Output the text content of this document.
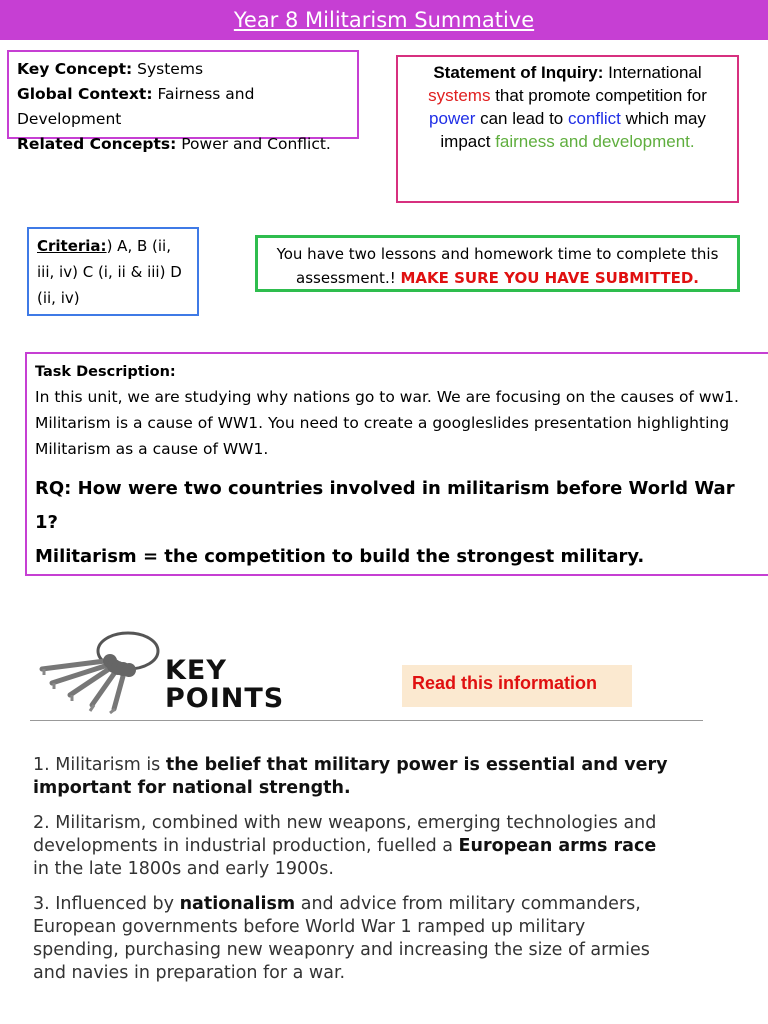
Year 8 Militarism Summative
Key Concept: Systems
Global Context: Fairness and Development
Related Concepts: Power and Conflict.
Statement of Inquiry: International systems that promote competition for power can lead to conflict which may impact fairness and development.
Criteria:) A, B (ii, iii, iv) C (i, ii & iii) D (ii, iv)
You have two lessons and homework time to complete this assessment.! MAKE SURE YOU HAVE SUBMITTED.
Task Description:
In this unit, we are studying why nations go to war. We are focusing on the causes of ww1. Militarism is a cause of WW1. You need to create a googleslides presentation highlighting Militarism as a cause of WW1.
RQ: How were two countries involved in militarism before World War 1?
Militarism = the competition to build the strongest military.
KEY
POINTS	Read this information
1. Militarism is the belief that military power is essential and very important for national strength.
2. Militarism, combined with new weapons, emerging technologies and developments in industrial production, fuelled a European arms race in the late 1800s and early 1900s.
3. Influenced by nationalism and advice from military commanders, European governments before World War 1 ramped up military spending, purchasing new weaponry and increasing the size of armies and navies in preparation for a war.
